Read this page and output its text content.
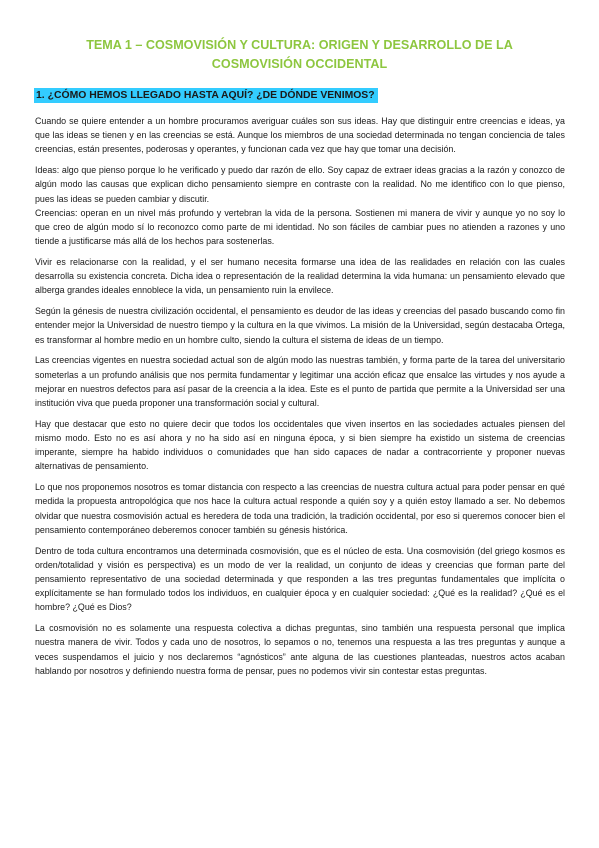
TEMA 1 – COSMOVISIÓN Y CULTURA: ORIGEN Y DESARROLLO DE LA COSMOVISIÓN OCCIDENTAL
1. ¿CÓMO HEMOS LLEGADO HASTA AQUÍ? ¿DE DÓNDE VENIMOS?

Cuando se quiere entender a un hombre procuramos averiguar cuáles son sus ideas. Hay que distinguir entre creencias e ideas, ya que las ideas se tienen y en las creencias se está. Aunque los miembros de una sociedad determinada no tengan conciencia de tales creencias, están presentes, poderosas y operantes, y funcionan cada vez que hay que tomar una decisión.

Ideas: algo que pienso porque lo he verificado y puedo dar razón de ello. Soy capaz de extraer ideas gracias a la razón y conozco de algún modo las causas que explican dicho pensamiento siempre en contraste con la realidad. No me identifico con lo que pienso, pues las ideas se pueden cambiar y discutir.

Creencias: operan en un nivel más profundo y vertebran la vida de la persona. Sostienen mi manera de vivir y aunque yo no soy lo que creo de algún modo sí lo reconozco como parte de mi identidad. No son fáciles de cambiar pues no atienden a razones y uno tiende a justificarse más allá de los hechos para sostenerlas.

Vivir es relacionarse con la realidad, y el ser humano necesita formarse una idea de las realidades en relación con las cuales desarrolla su existencia concreta. Dicha idea o representación de la realidad determina la vida humana: un pensamiento elevado que alberga grandes ideales ennoblece la vida, un pensamiento ruin la envilece.

Según la génesis de nuestra civilización occidental, el pensamiento es deudor de las ideas y creencias del pasado buscando como fin entender mejor la Universidad de nuestro tiempo y la cultura en la que vivimos. La misión de la Universidad, según destacaba Ortega, es transformar al hombre medio en un hombre culto, siendo la cultura el sistema de ideas de un tiempo.

Las creencias vigentes en nuestra sociedad actual son de algún modo las nuestras también, y forma parte de la tarea del universitario someterlas a un profundo análisis que nos permita fundamentar y legitimar una acción eficaz que ensalce las virtudes y nos ayude a mejorar en nuestros defectos para así pasar de la creencia a la idea. Este es el punto de partida que permite a la Universidad ser una institución viva que pueda proponer una transformación social y cultural.

Hay que destacar que esto no quiere decir que todos los occidentales que viven insertos en las sociedades actuales piensen del mismo modo. Esto no es así ahora y no ha sido así en ninguna época, y si bien siempre ha existido un sistema de creencias imperante, siempre ha habido individuos o comunidades que han sido capaces de nadar a contracorriente y proponer nuevas alternativas de pensamiento.

Lo que nos proponemos nosotros es tomar distancia con respecto a las creencias de nuestra cultura actual para poder pensar en qué medida la propuesta antropológica que nos hace la cultura actual responde a quién soy y a quién estoy llamado a ser. No debemos olvidar que nuestra cosmovisión actual es heredera de toda una tradición, la tradición occidental, por eso si queremos conocer bien el pensamiento contemporáneo deberemos conocer también su génesis histórica.

Dentro de toda cultura encontramos una determinada cosmovisión, que es el núcleo de esta. Una cosmovisión (del griego kosmos es orden/totalidad y visión es perspectiva) es un modo de ver la realidad, un conjunto de ideas y creencias que forman parte del pensamiento representativo de una sociedad determinada y que responden a las tres preguntas fundamentales que implícita o explícitamente se han formulado todos los individuos, en cualquier época y en cualquier sociedad: ¿Qué es la realidad? ¿Qué es el hombre? ¿Qué es Dios?

La cosmovisión no es solamente una respuesta colectiva a dichas preguntas, sino también una respuesta personal que implica nuestra manera de vivir. Todos y cada uno de nosotros, lo sepamos o no, tenemos una respuesta a las tres preguntas y aunque a veces suspendamos el juicio y nos declaremos “agnósticos” ante alguna de las cuestiones planteadas, nuestros actos acaban hablando por nosotros y definiendo nuestra forma de pensar, pues no podemos vivir sin contestar estas preguntas.
